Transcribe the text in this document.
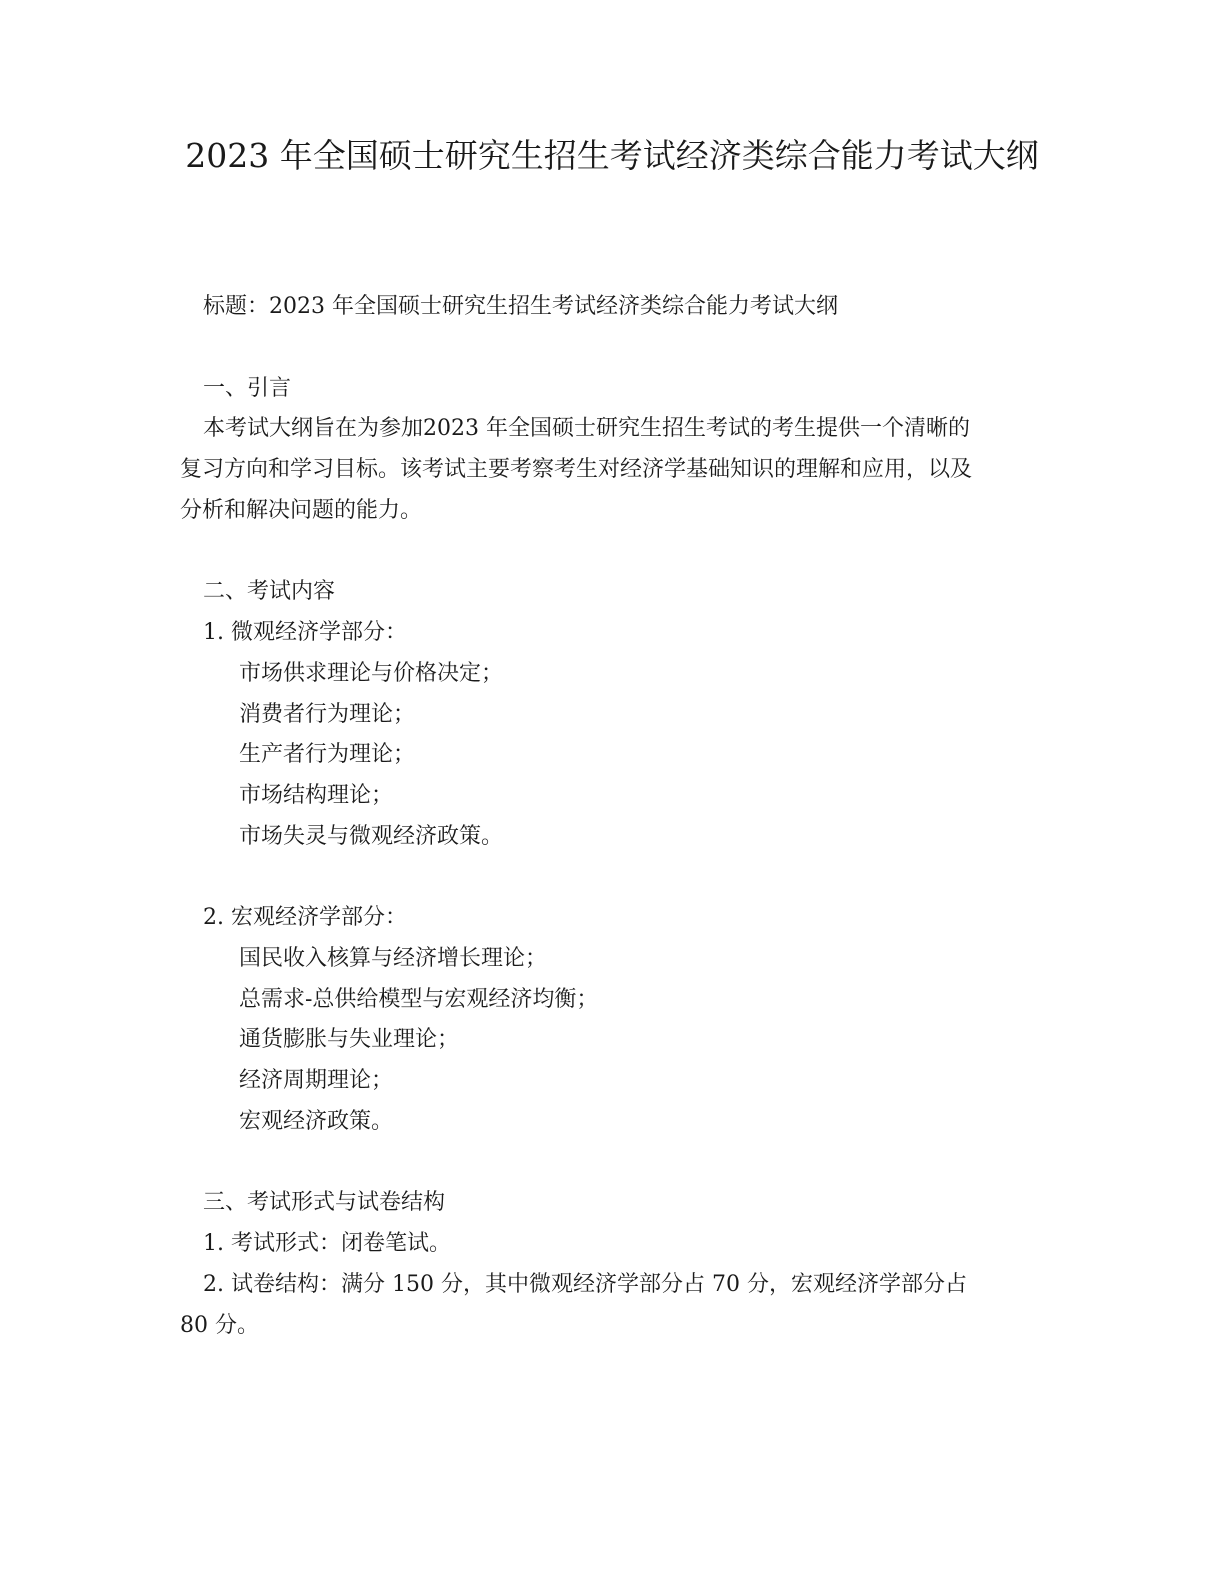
2023 年全国硕士研究生招生考试经济类综合能力考试大纲
标题：2023 年全国硕士研究生招生考试经济类综合能力考试大纲
一、引言
本考试大纲旨在为参加2023 年全国硕士研究生招生考试的考生提供一个清晰的
复习方向和学习目标。该考试主要考察考生对经济学基础知识的理解和应用，以及
分析和解决问题的能力。
二、考试内容
1. 微观经济学部分：
市场供求理论与价格决定；
消费者行为理论；
生产者行为理论；
市场结构理论；
市场失灵与微观经济政策。
2. 宏观经济学部分：
国民收入核算与经济增长理论；
总需求-总供给模型与宏观经济均衡；
通货膨胀与失业理论；
经济周期理论；
宏观经济政策。
三、考试形式与试卷结构
1. 考试形式：闭卷笔试。
2. 试卷结构：满分 150 分，其中微观经济学部分占 70 分，宏观经济学部分占
80 分。
